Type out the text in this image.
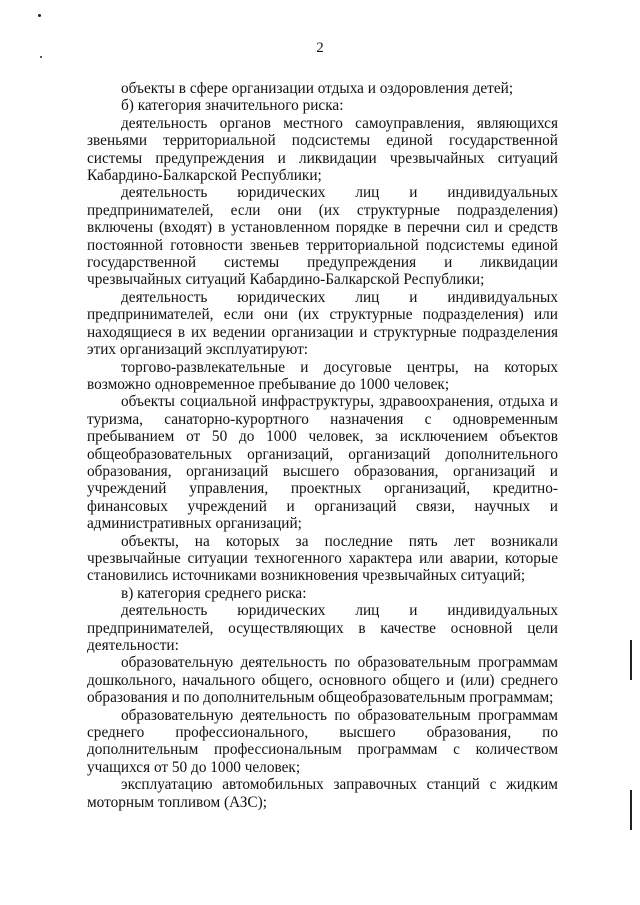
2

объекты в сфере организации отдыха и оздоровления детей;

б) категория значительного риска:

деятельность органов местного самоуправления, являющихся звеньями территориальной подсистемы единой государственной системы предупреждения и ликвидации чрезвычайных ситуаций Кабардино-Балкарской Республики;

деятельность юридических лиц и индивидуальных предпринимателей, если они (их структурные подразделения) включены (входят) в установленном порядке в перечни сил и средств постоянной готовности звеньев территориальной подсистемы единой государственной системы предупреждения и ликвидации чрезвычайных ситуаций Кабардино-Балкарской Республики;

деятельность юридических лиц и индивидуальных предпринимателей, если они (их структурные подразделения) или находящиеся в их ведении организации и структурные подразделения этих организаций эксплуатируют:

торгово-развлекательные и досуговые центры, на которых возможно одновременное пребывание до 1000 человек;

объекты социальной инфраструктуры, здравоохранения, отдыха и туризма, санаторно-курортного назначения с одновременным пребыванием от 50 до 1000 человек, за исключением объектов общеобразовательных организаций, организаций дополнительного образования, организаций высшего образования, организаций и учреждений управления, проектных организаций, кредитно-финансовых учреждений и организаций связи, научных и административных организаций;

объекты, на которых за последние пять лет возникали чрезвычайные ситуации техногенного характера или аварии, которые становились источниками возникновения чрезвычайных ситуаций;

в) категория среднего риска:

деятельность юридических лиц и индивидуальных предпринимателей, осуществляющих в качестве основной цели деятельности:

образовательную деятельность по образовательным программам дошкольного, начального общего, основного общего и (или) среднего образования и по дополнительным общеобразовательным программам;

образовательную деятельность по образовательным программам среднего профессионального, высшего образования, по дополнительным профессиональным программам с количеством учащихся от 50 до 1000 человек;

эксплуатацию автомобильных заправочных станций с жидким моторным топливом (АЗС);
